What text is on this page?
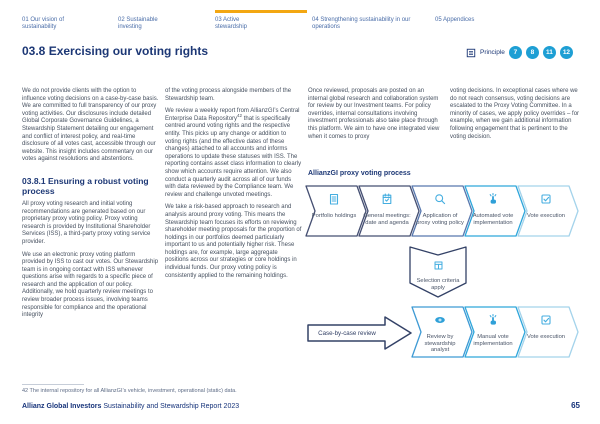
01 Our vision of sustainability
02 Sustainable investing
03 Active stewardship
04 Strengthening sustainability in our operations
05 Appendices
03.8 Exercising our voting rights	Principle	7	8	11	12

We do not provide clients with the option to influence voting decisions on a case-by-case basis. We are committed to full transparency of our proxy voting activities. Our disclosures include detailed Global Corporate Governance Guidelines, a Stewardship Statement detailing our engagement and conflict of interest policy, and real-time disclosure of all votes cast, accessible through our website. This insight includes commentary on our votes against resolutions and abstentions.

03.8.1 Ensuring a robust voting process

All proxy voting research and initial voting recommendations are generated based on our proprietary proxy voting policy. Proxy voting research is provided by Institutional Shareholder Services (ISS), a third-party proxy voting service provider.

We use an electronic proxy voting platform provided by ISS to cast our votes. Our Stewardship team is in ongoing contact with ISS whenever questions arise with regards to a specific piece of research and the application of our policy. Additionally, we hold quarterly review meetings to review broader process issues, involving teams responsible for compliance and the operational integrity

of the voting process alongside members of the Stewardship team.

We review a weekly report from AllianzGI’s Central Enterprise Data Repository$^{42}$ that is specifically centred around voting rights and the respective entity. This picks up any change or addition to voting rights (and the effective dates of these changes) attached to all accounts and informs operations to update these statuses with ISS. The reporting contains asset class information to clearly show which accounts require attention. We also conduct a quarterly audit across all of our funds with data reviewed by the Compliance team. We review and challenge unvoted meetings.

We take a risk-based approach to research and analysis around proxy voting. This means the Stewardship team focuses its efforts on reviewing shareholder meeting proposals for the proportion of holdings in our portfolios deemed particularly important to us and potentially higher risk. These holdings are, for example, large aggregate positions across our strategies or core holdings in individual funds. Our proxy voting policy is consistently applied to the remaining holdings.

Once reviewed, proposals are posted on an internal global research and collaboration system for review by our Investment teams. For policy overrides, internal consultations involving investment professionals also take place through this platform. We aim to have one integrated view when it comes to proxy

voting decisions. In exceptional cases where we do not reach consensus, voting decisions are escalated to the Proxy Voting Committee. In a minority of cases, we apply policy overrides – for example, when we gain additional information following engagement that is pertinent to the voting decision.

AllianzGI proxy voting process
Portfolio holdings	General meetings: date and agenda
Application of proxy voting policy
Automated vote implementation
Vote execution
Selection criteria apply
Case-by-case review
Review by stewardship analyst
Manual vote implementation
Vote execution
42 The internal repository for all AllianzGI’s vehicle, investment, operational (static) data.
Allianz Global Investors Sustainability and Stewardship Report 2023	65
